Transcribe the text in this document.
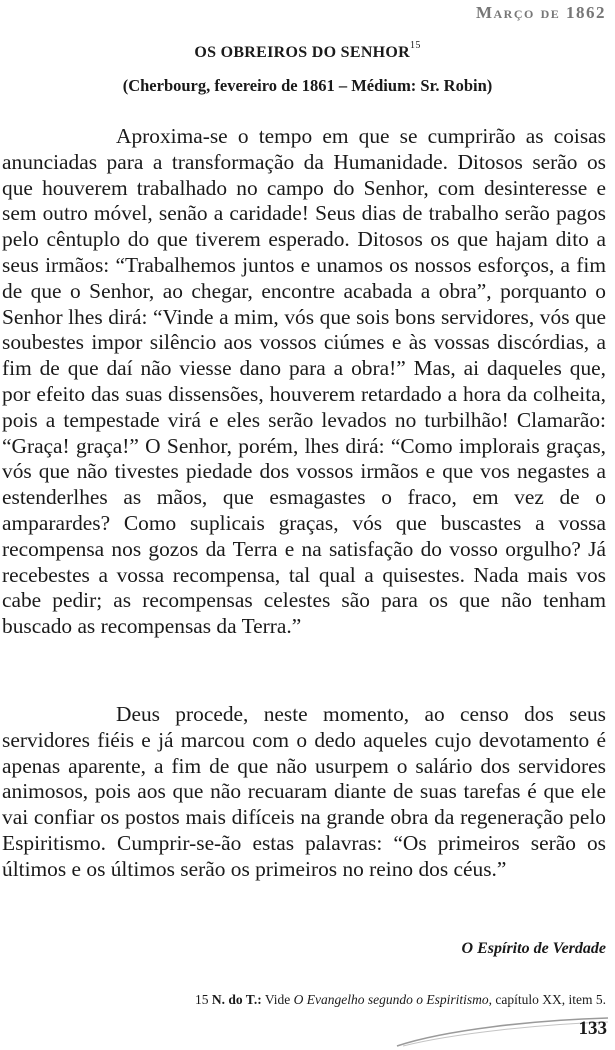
Março de 1862
OS OBREIROS DO SENHOR$^{15}$
(Cherbourg, fevereiro de 1861 – Médium: Sr. Robin)

Aproxima-se o tempo em que se cumprirão as coisas anunciadas para a transformação da Humanidade. Ditosos serão os que houverem trabalhado no campo do Senhor, com desinteresse e sem outro móvel, senão a caridade! Seus dias de trabalho serão pagos pelo cêntuplo do que tiverem esperado. Ditosos os que hajam dito a seus irmãos: “Trabalhemos juntos e unamos os nossos esforços, a fim de que o Senhor, ao chegar, encontre acabada a obra”, porquanto o Senhor lhes dirá: “Vinde a mim, vós que sois bons servidores, vós que soubestes impor silêncio aos vossos ciúmes e às vossas discórdias, a fim de que daí não viesse dano para a obra!” Mas, ai daqueles que, por efeito das suas dissensões, houverem retardado a hora da colheita, pois a tempestade virá e eles serão levados no turbilhão! Clamarão: “Graça! graça!” O Senhor, porém, lhes dirá: “Como implorais graças, vós que não tivestes piedade dos vossos irmãos e que vos negastes a estenderlhes as mãos, que esmagastes o fraco, em vez de o amparardes? Como suplicais graças, vós que buscastes a vossa recompensa nos gozos da Terra e na satisfação do vosso orgulho? Já recebestes a vossa recompensa, tal qual a quisestes. Nada mais vos cabe pedir; as recompensas celestes são para os que não tenham buscado as recompensas da Terra.”

Deus procede, neste momento, ao censo dos seus servidores fiéis e já marcou com o dedo aqueles cujo devotamento é apenas aparente, a fim de que não usurpem o salário dos servidores animosos, pois aos que não recuaram diante de suas tarefas é que ele vai confiar os postos mais difíceis na grande obra da regeneração pelo Espiritismo. Cumprir-se-ão estas palavras: “Os primeiros serão os últimos e os últimos serão os primeiros no reino dos céus.”

O Espírito de Verdade
15 N. do T.: Vide O Evangelho segundo o Espiritismo, capítulo XX, item 5.
133
